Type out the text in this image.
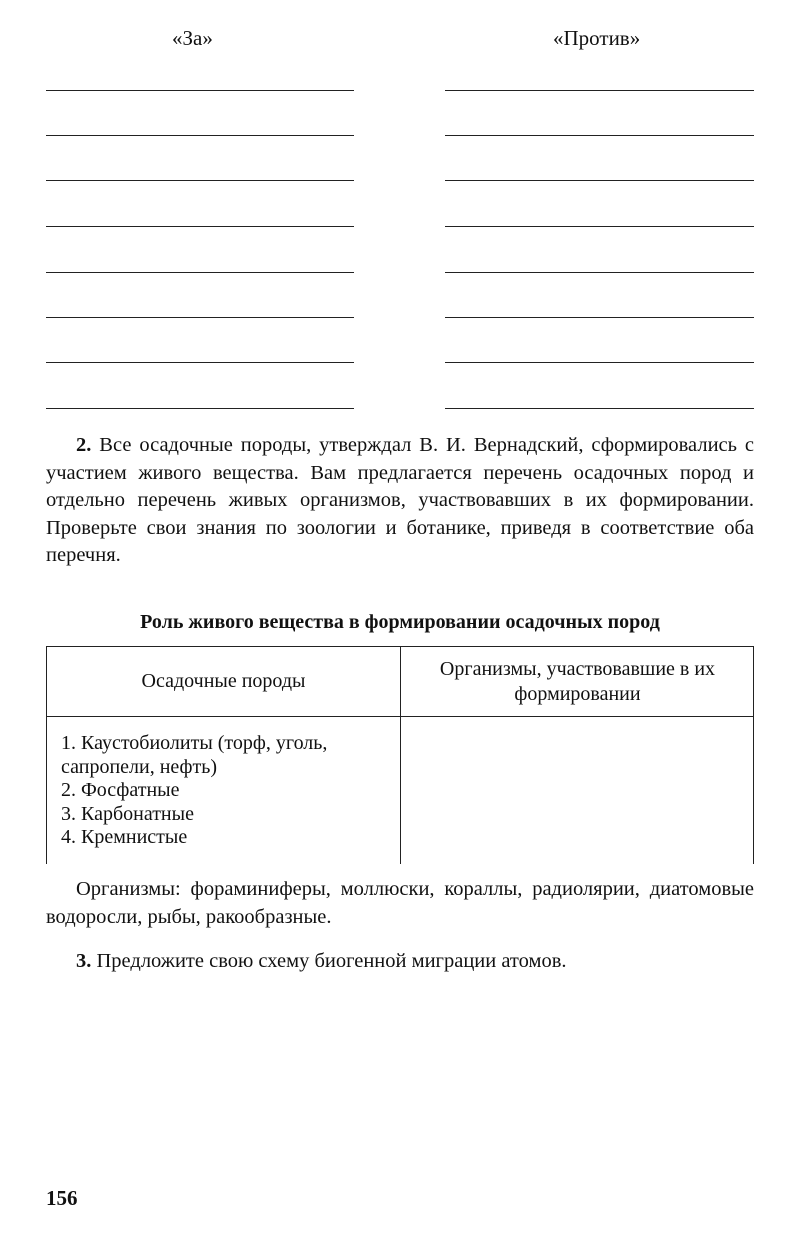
«За»	«Против»
2. Все осадочные породы, утверждал В. И. Вернадский, сформировались с участием живого вещества. Вам предлагается перечень осадочных пород и отдельно перечень живых организмов, участвовавших в их формировании. Проверьте свои знания по зоологии и ботанике, приведя в соответствие оба перечня.
Роль живого вещества в формировании осадочных пород
Осадочные породы
Организмы, участвовавшие в их формировании
1. Каустобиолиты (торф, уголь, сапропели, нефть)
2. Фосфатные
3. Карбонатные
4. Кремнистые
Организмы: фораминиферы, моллюски, кораллы, радиолярии, диатомовые водоросли, рыбы, ракообразные.
3. Предложите свою схему биогенной миграции атомов.
156
